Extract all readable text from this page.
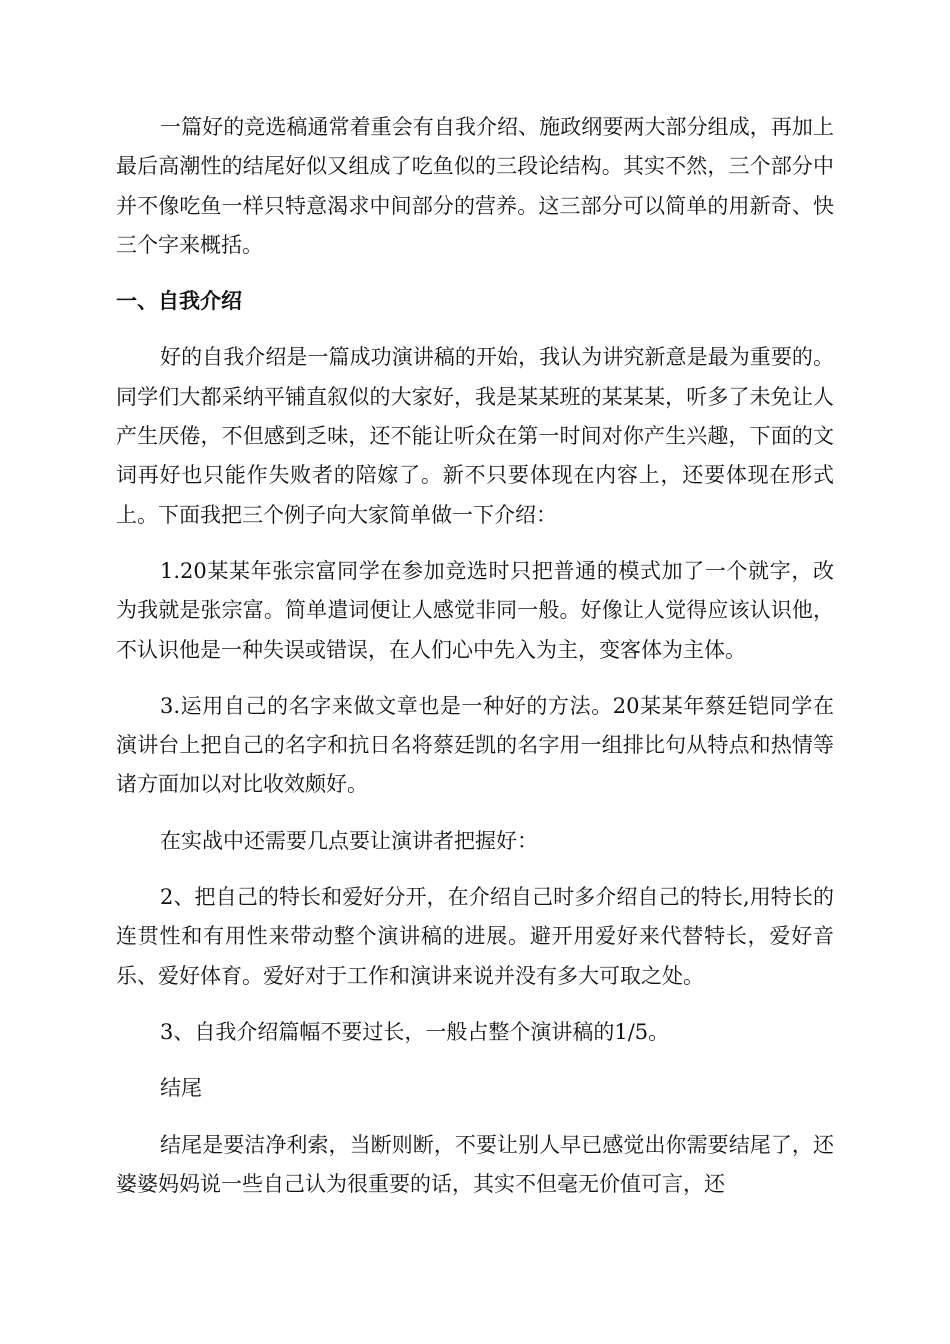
一篇好的竞选稿通常着重会有自我介绍、施政纲要两大部分组成，再加上最后高潮性的结尾好似又组成了吃鱼似的三段论结构。其实不然，三个部分中并不像吃鱼一样只特意渴求中间部分的营养。这三部分可以简单的用新奇、快三个字来概括。

一、自我介绍

好的自我介绍是一篇成功演讲稿的开始，我认为讲究新意是最为重要的。同学们大都采纳平铺直叙似的大家好，我是某某班的某某某，听多了未免让人产生厌倦，不但感到乏味，还不能让听众在第一时间对你产生兴趣，下面的文词再好也只能作失败者的陪嫁了。新不只要体现在内容上，还要体现在形式上。下面我把三个例子向大家简单做一下介绍：

1.20某某年张宗富同学在参加竞选时只把普通的模式加了一个就字，改为我就是张宗富。简单遣词便让人感觉非同一般。好像让人觉得应该认识他，不认识他是一种失误或错误，在人们心中先入为主，变客体为主体。

3.运用自己的名字来做文章也是一种好的方法。20某某年蔡廷铠同学在演讲台上把自己的名字和抗日名将蔡廷凯的名字用一组排比句从特点和热情等诸方面加以对比收效颇好。

在实战中还需要几点要让演讲者把握好：

2、把自己的特长和爱好分开，在介绍自己时多介绍自己的特长,用特长的连贯性和有用性来带动整个演讲稿的进展。避开用爱好来代替特长，爱好音乐、爱好体育。爱好对于工作和演讲来说并没有多大可取之处。

3、自我介绍篇幅不要过长，一般占整个演讲稿的1/5。

结尾

结尾是要洁净利索，当断则断，不要让别人早已感觉出你需要结尾了，还婆婆妈妈说一些自己认为很重要的话，其实不但毫无价值可言，还
